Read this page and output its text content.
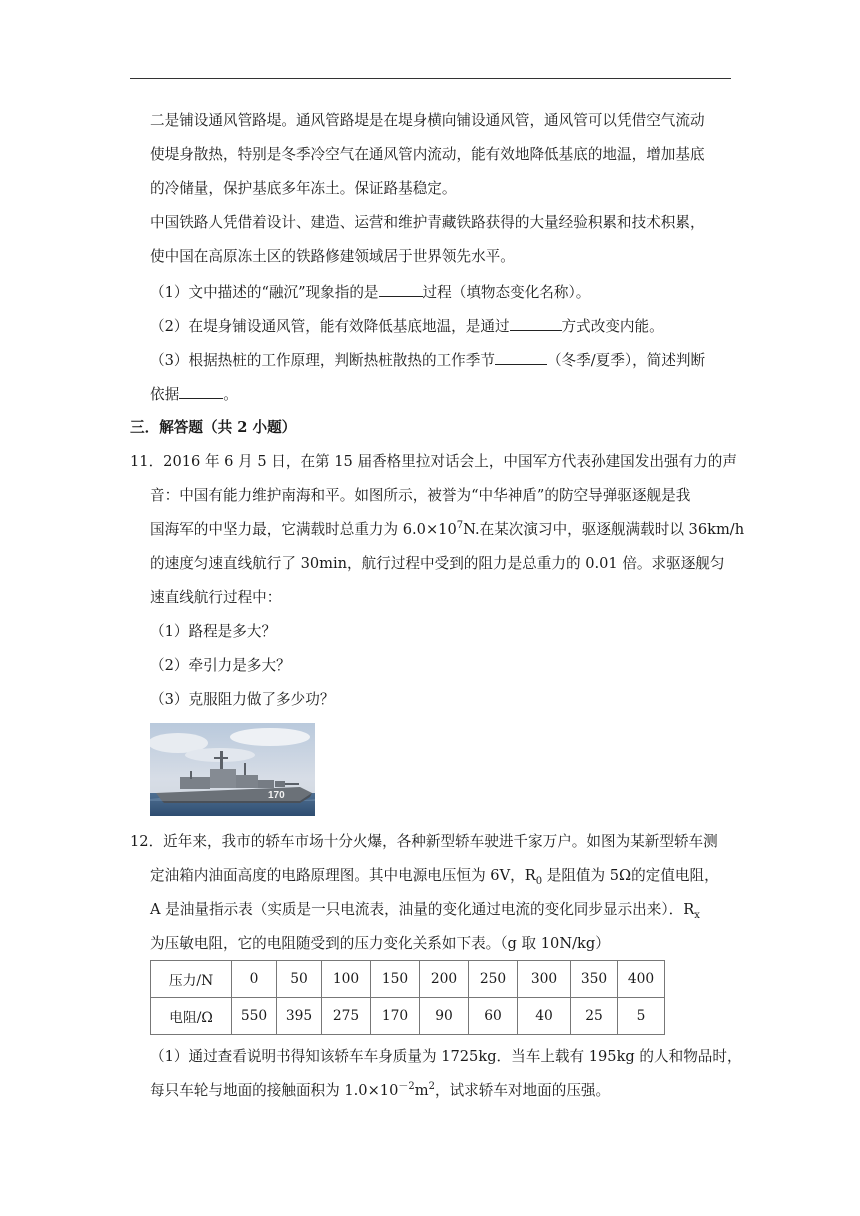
二是铺设通风管路堤。通风管路堤是在堤身横向铺设通风管，通风管可以凭借空气流动
使堤身散热，特别是冬季冷空气在通风管内流动，能有效地降低基底的地温，增加基底
的冷储量，保护基底多年冻土。保证路基稳定。
中国铁路人凭借着设计、建造、运营和维护青藏铁路获得的大量经验积累和技术积累，
使中国在高原冻土区的铁路修建领域居于世界领先水平。
（1）文中描述的“融沉”现象指的是	过程（填物态变化名称）。
（2）在堤身铺设通风管，能有效降低基底地温，是通过	方式改变内能。
（3）根据热桩的工作原理，判断热桩散热的工作季节	（冬季/夏季），简述判断
依据	。
三．解答题（共 2 小题）
11．2016 年 6 月 5 日，在第 15 届香格里拉对话会上，中国军方代表孙建国发出强有力的声
音：中国有能力维护南海和平。如图所示，被誉为“中华神盾”的防空导弹驱逐舰是我
国海军的中坚力最，它满载时总重力为 $6.0\times 10^7N$.在某次演习中，驱逐舰满载时以 36km/h
的速度匀速直线航行了 30min，航行过程中受到的阻力是总重力的 0.01 倍。求驱逐舰匀
速直线航行过程中：
（1）路程是多大？
（2）牵引力是多大？
（3）克服阻力做了多少功？
170
12．近年来，我市的轿车市场十分火爆，各种新型轿车驶进千家万户。如图为某新型轿车测
定油箱内油面高度的电路原理图。其中电源电压恒为 6V，$R_0$ 是阻值为 5Ω的定值电阻，
A 是油量指示表（实质是一只电流表，油量的变化通过电流的变化同步显示出来）．$R_x$
为压敏电阻，它的电阻随受到的压力变化关系如下表。（g 取 10N/kg）
压力/N	0	50	100	150	200	250	300	350	400
电阻/Ω	550	395	275	170	90	60	40	25	5
（1）通过查看说明书得知该轿车车身质量为 1725kg．当车上载有 195kg 的人和物品时，
每只车轮与地面的接触面积为 $1.0\times 10^{-2}m^2$，试求轿车对地面的压强。
